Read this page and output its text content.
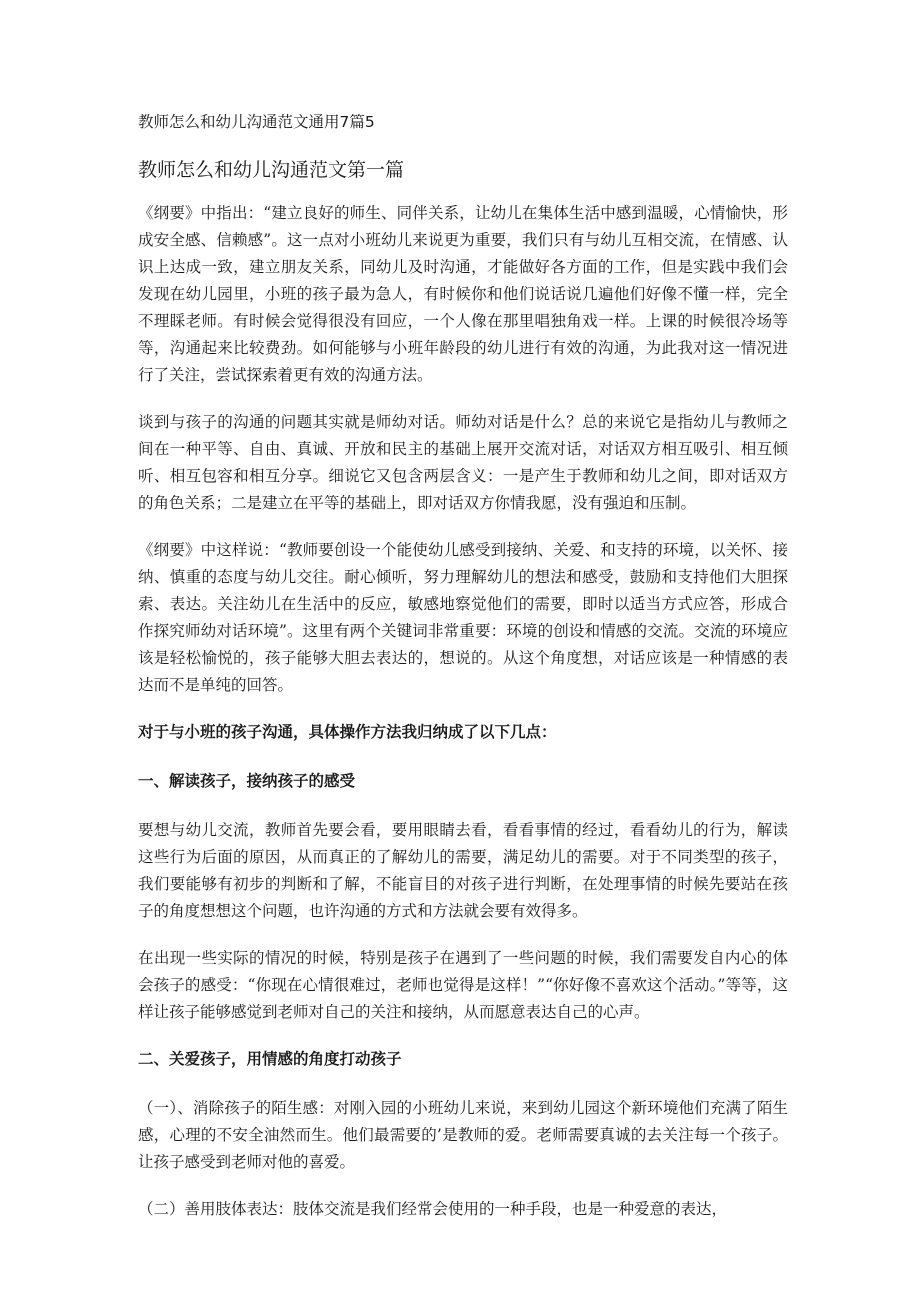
教师怎么和幼儿沟通范文通用7篇5
教师怎么和幼儿沟通范文第一篇

《纲要》中指出：“建立良好的师生、同伴关系，让幼儿在集体生活中感到温暖，心情愉快，形成安全感、信赖感”。这一点对小班幼儿来说更为重要，我们只有与幼儿互相交流，在情感、认识上达成一致，建立朋友关系，同幼儿及时沟通，才能做好各方面的工作，但是实践中我们会发现在幼儿园里，小班的孩子最为急人，有时候你和他们说话说几遍他们好像不懂一样，完全不理睬老师。有时候会觉得很没有回应，一个人像在那里唱独角戏一样。上课的时候很冷场等等，沟通起来比较费劲。如何能够与小班年龄段的幼儿进行有效的沟通，为此我对这一情况进行了关注，尝试探索着更有效的沟通方法。

谈到与孩子的沟通的问题其实就是师幼对话。师幼对话是什么？总的来说它是指幼儿与教师之间在一种平等、自由、真诚、开放和民主的基础上展开交流对话，对话双方相互吸引、相互倾听、相互包容和相互分享。细说它又包含两层含义：一是产生于教师和幼儿之间，即对话双方的角色关系；二是建立在平等的基础上，即对话双方你情我愿，没有强迫和压制。

《纲要》中这样说：“教师要创设一个能使幼儿感受到接纳、关爱、和支持的环境，以关怀、接纳、慎重的态度与幼儿交往。耐心倾听，努力理解幼儿的想法和感受，鼓励和支持他们大胆探索、表达。关注幼儿在生活中的反应，敏感地察觉他们的需要，即时以适当方式应答，形成合作探究师幼对话环境”。这里有两个关键词非常重要：环境的创设和情感的交流。交流的环境应该是轻松愉悦的，孩子能够大胆去表达的，想说的。从这个角度想，对话应该是一种情感的表达而不是单纯的回答。

对于与小班的孩子沟通，具体操作方法我归纳成了以下几点：

一、解读孩子，接纳孩子的感受

要想与幼儿交流，教师首先要会看，要用眼睛去看，看看事情的经过，看看幼儿的行为，解读这些行为后面的原因，从而真正的了解幼儿的需要，满足幼儿的需要。对于不同类型的孩子，我们要能够有初步的判断和了解，不能盲目的对孩子进行判断，在处理事情的时候先要站在孩子的角度想想这个问题，也许沟通的方式和方法就会要有效得多。

在出现一些实际的情况的时候，特别是孩子在遇到了一些问题的时候，我们需要发自内心的体会孩子的感受：“你现在心情很难过，老师也觉得是这样！”“你好像不喜欢这个活动。”等等，这样让孩子能够感觉到老师对自己的关注和接纳，从而愿意表达自己的心声。

二、关爱孩子，用情感的角度打动孩子

（一）、消除孩子的陌生感：对刚入园的小班幼儿来说，来到幼儿园这个新环境他们充满了陌生感，心理的不安全油然而生。他们最需要的’是教师的爱。老师需要真诚的去关注每一个孩子。让孩子感受到老师对他的喜爱。

（二）善用肢体表达：肢体交流是我们经常会使用的一种手段，也是一种爱意的表达，
